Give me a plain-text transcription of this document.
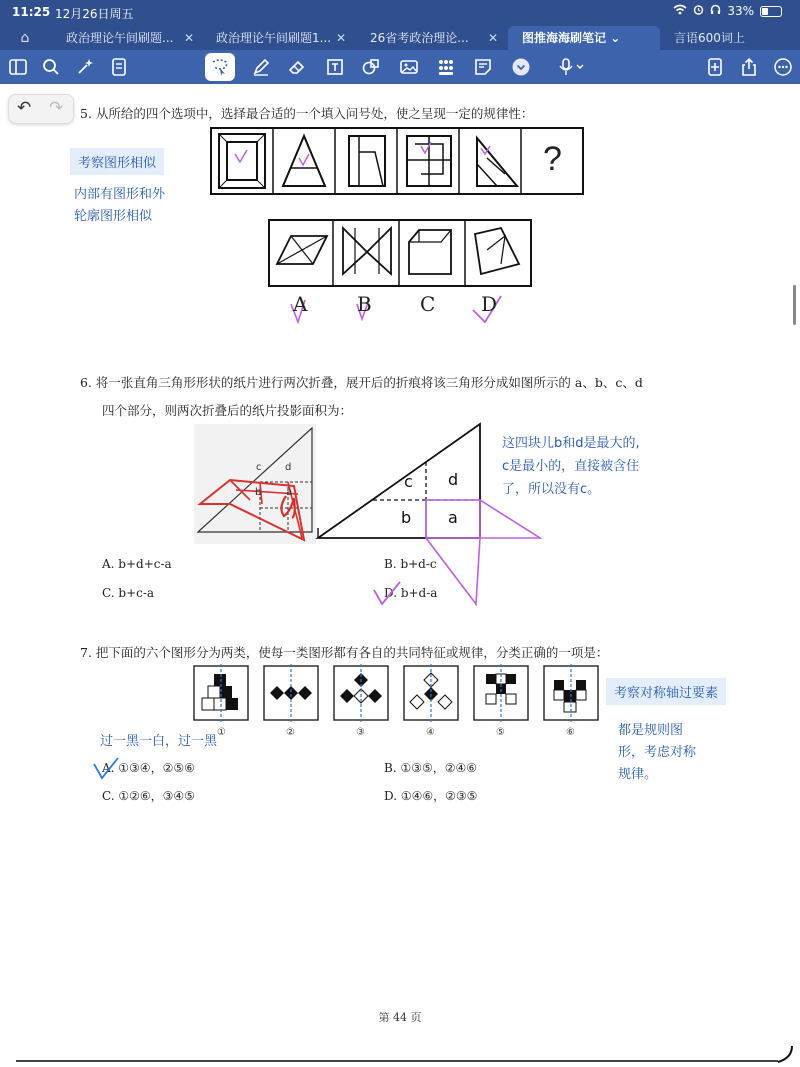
11:25 12月26日周五	33%
⌂	政治理论午间刷题... ✕	政治理论午间刷题1... ✕	26省考政治理论... ✕	图推海海刷笔记 ⌄	言语600词上
↶ ↷ 5. 从所给的四个选项中，选择最合适的一个填入问号处，使之呈现一定的规律性：
A B C D
?
考察图形相似
内部有图形和外
轮廓图形相似
6. 将一张直角三角形形状的纸片进行两次折叠，展开后的折痕将该三角形分成如图所示的 a、b、c、d
四个部分，则两次折叠后的纸片投影面积为：
c d
b a
c d
b a
这四块儿b和d是最大的,
c是最小的，直接被含住
了，所以没有c。
A. b+d+c-a	B. b+d-c
C. b+c-a	D. b+d-a
7. 把下面的六个图形分为两类，使每一类图形都有各自的共同特征或规律，分类正确的一项是：
①	②	③	④	⑤	⑥
考察对称轴过要素
都是规则图
形，考虑对称
规律。
过一黑一白，过一黑
A. ①③④，②⑤⑥	B. ①③⑤，②④⑥
C. ①②⑥，③④⑤	D. ①④⑥，②③⑤
第 44 页
